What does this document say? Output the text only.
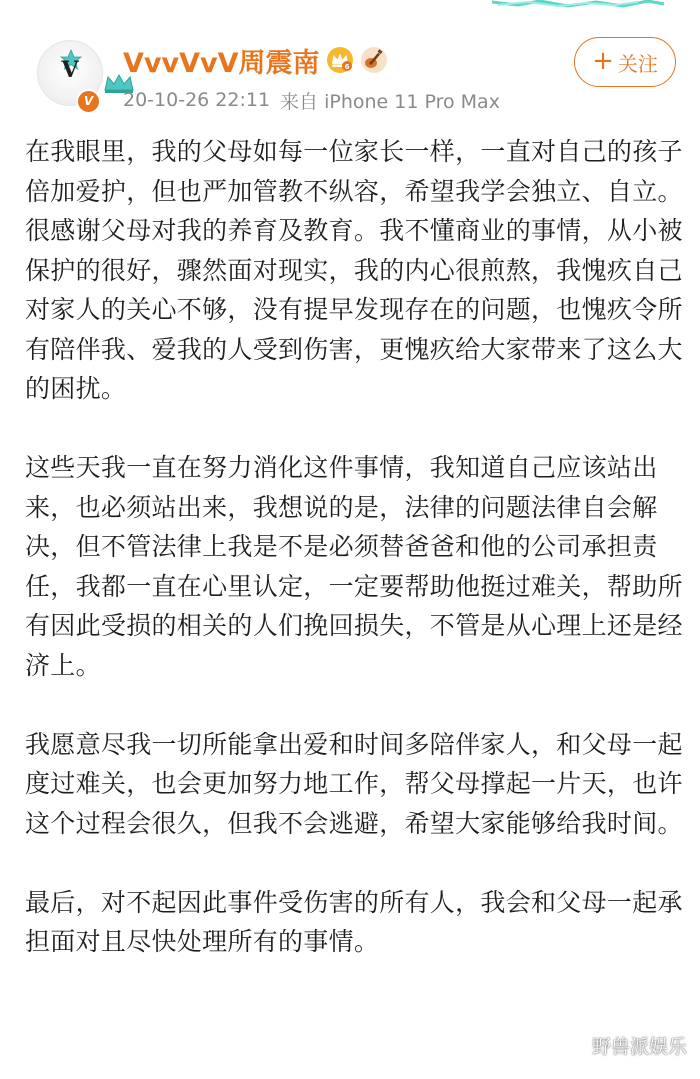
V
V
VvvVvV周震南	6
20-10-26 22:11 来自 iPhone 11 Pro Max
+ 关注

在我眼里，我的父母如每一位家长一样，一直对自己的孩子倍加爱护，但也严加管教不纵容，希望我学会独立、自立。很感谢父母对我的养育及教育。我不懂商业的事情，从小被保护的很好，骤然面对现实，我的内心很煎熬，我愧疚自己对家人的关心不够，没有提早发现存在的问题，也愧疚令所有陪伴我、爱我的人受到伤害，更愧疚给大家带来了这么大的困扰。

这些天我一直在努力消化这件事情，我知道自己应该站出来，也必须站出来，我想说的是，法律的问题法律自会解决，但不管法律上我是不是必须替爸爸和他的公司承担责任，我都一直在心里认定，一定要帮助他挺过难关，帮助所有因此受损的相关的人们挽回损失，不管是从心理上还是经济上。

我愿意尽我一切所能拿出爱和时间多陪伴家人，和父母一起度过难关，也会更加努力地工作，帮父母撑起一片天，也许这个过程会很久，但我不会逃避，希望大家能够给我时间。

最后，对不起因此事件受伤害的所有人，我会和父母一起承担面对且尽快处理所有的事情。

野兽派娱乐
